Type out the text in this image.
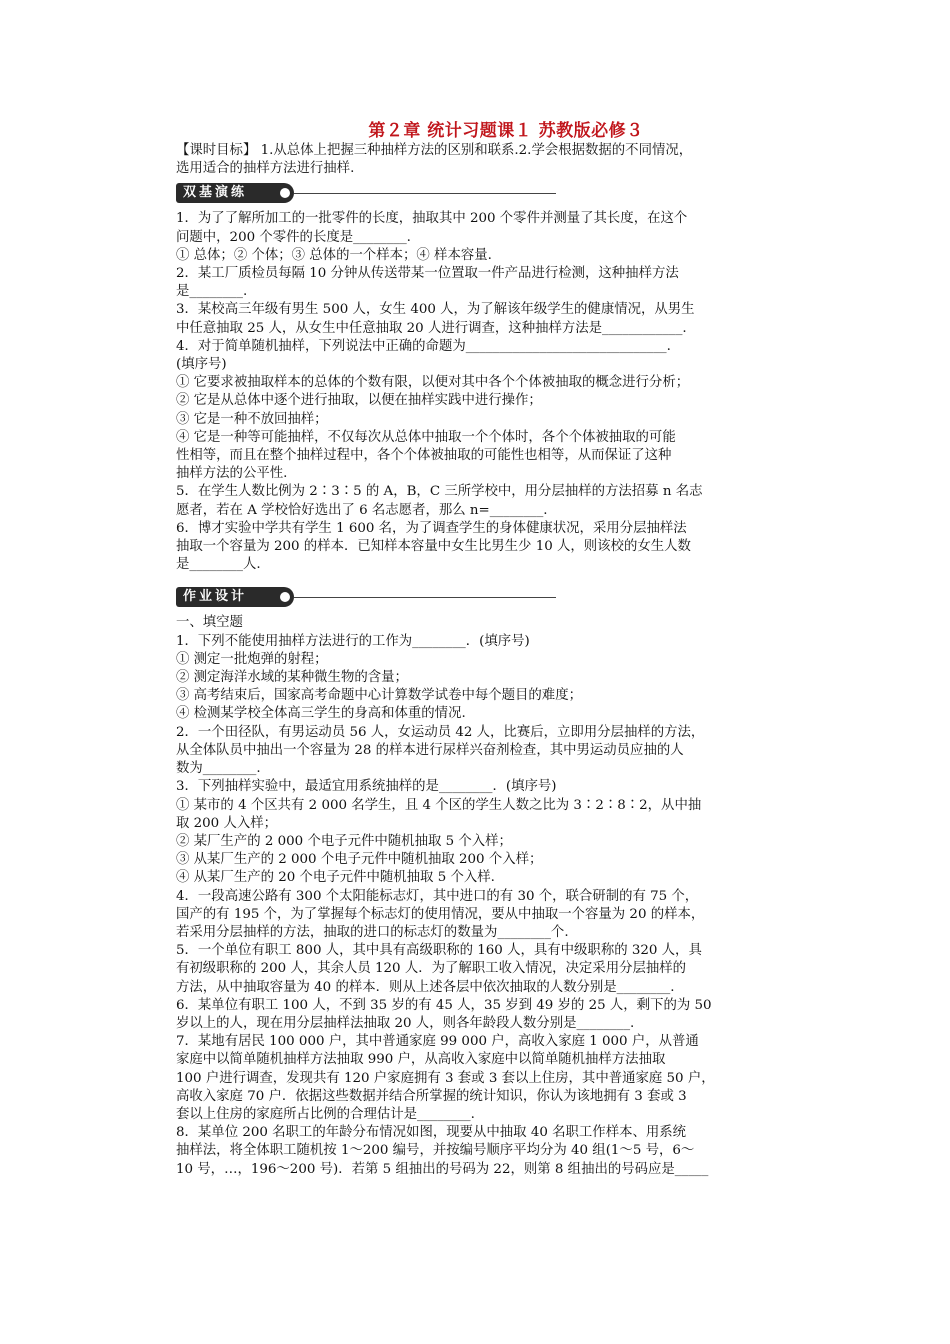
第２章 统计习题课１ 苏教版必修３
【课时目标】 1.从总体上把握三种抽样方法的区别和联系.2.学会根据数据的不同情况，
选用适合的抽样方法进行抽样.
双基演练
1．为了了解所加工的一批零件的长度，抽取其中 200 个零件并测量了其长度，在这个
问题中，200 个零件的长度是________.
① 总体；② 个体；③ 总体的一个样本；④ 样本容量.
2．某工厂质检员每隔 10 分钟从传送带某一位置取一件产品进行检测，这种抽样方法
是________.
3．某校高三年级有男生 500 人，女生 400 人，为了解该年级学生的健康情况，从男生
中任意抽取 25 人，从女生中任意抽取 20 人进行调查，这种抽样方法是____________.
4．对于简单随机抽样，下列说法中正确的命题为______________________________.
(填序号)
① 它要求被抽取样本的总体的个数有限，以便对其中各个个体被抽取的概念进行分析；
② 它是从总体中逐个进行抽取，以便在抽样实践中进行操作；
③ 它是一种不放回抽样；
④ 它是一种等可能抽样，不仅每次从总体中抽取一个个体时，各个个体被抽取的可能
性相等，而且在整个抽样过程中，各个个体被抽取的可能性也相等，从而保证了这种
抽样方法的公平性.
5．在学生人数比例为 2∶3∶5 的 A，B，C 三所学校中，用分层抽样的方法招募 n 名志
愿者，若在 A 学校恰好选出了 6 名志愿者，那么 n=________.
6．博才实验中学共有学生 1 600 名，为了调查学生的身体健康状况，采用分层抽样法
抽取一个容量为 200 的样本．已知样本容量中女生比男生少 10 人，则该校的女生人数
是________人.
作业设计
一、填空题
1．下列不能使用抽样方法进行的工作为________．(填序号)
① 测定一批炮弹的射程；
② 测定海洋水域的某种微生物的含量；
③ 高考结束后，国家高考命题中心计算数学试卷中每个题目的难度；
④ 检测某学校全体高三学生的身高和体重的情况.
2．一个田径队，有男运动员 56 人，女运动员 42 人，比赛后，立即用分层抽样的方法，
从全体队员中抽出一个容量为 28 的样本进行尿样兴奋剂检查，其中男运动员应抽的人
数为________.
3．下列抽样实验中，最适宜用系统抽样的是________．(填序号)
① 某市的 4 个区共有 2 000 名学生，且 4 个区的学生人数之比为 3∶2∶8∶2，从中抽
取 200 人入样；
② 某厂生产的 2 000 个电子元件中随机抽取 5 个入样；
③ 从某厂生产的 2 000 个电子元件中随机抽取 200 个入样；
④ 从某厂生产的 20 个电子元件中随机抽取 5 个入样.
4．一段高速公路有 300 个太阳能标志灯，其中进口的有 30 个，联合研制的有 75 个，
国产的有 195 个，为了掌握每个标志灯的使用情况，要从中抽取一个容量为 20 的样本，
若采用分层抽样的方法，抽取的进口的标志灯的数量为________个.
5．一个单位有职工 800 人，其中具有高级职称的 160 人，具有中级职称的 320 人，具
有初级职称的 200 人，其余人员 120 人．为了解职工收入情况，决定采用分层抽样的
方法，从中抽取容量为 40 的样本．则从上述各层中依次抽取的人数分别是________.
6．某单位有职工 100 人，不到 35 岁的有 45 人，35 岁到 49 岁的 25 人，剩下的为 50
岁以上的人，现在用分层抽样法抽取 20 人，则各年龄段人数分别是________.
7．某地有居民 100 000 户，其中普通家庭 99 000 户，高收入家庭 1 000 户，从普通
家庭中以简单随机抽样方法抽取 990 户，从高收入家庭中以简单随机抽样方法抽取
100 户进行调查，发现共有 120 户家庭拥有 3 套或 3 套以上住房，其中普通家庭 50 户，
高收入家庭 70 户．依据这些数据并结合所掌握的统计知识，你认为该地拥有 3 套或 3
套以上住房的家庭所占比例的合理估计是________.
8．某单位 200 名职工的年龄分布情况如图，现要从中抽取 40 名职工作样本、用系统
抽样法，将全体职工随机按 1～200 编号，并按编号顺序平均分为 40 组(1～5 号，6～
10 号，…，196～200 号)．若第 5 组抽出的号码为 22，则第 8 组抽出的号码应是_____
